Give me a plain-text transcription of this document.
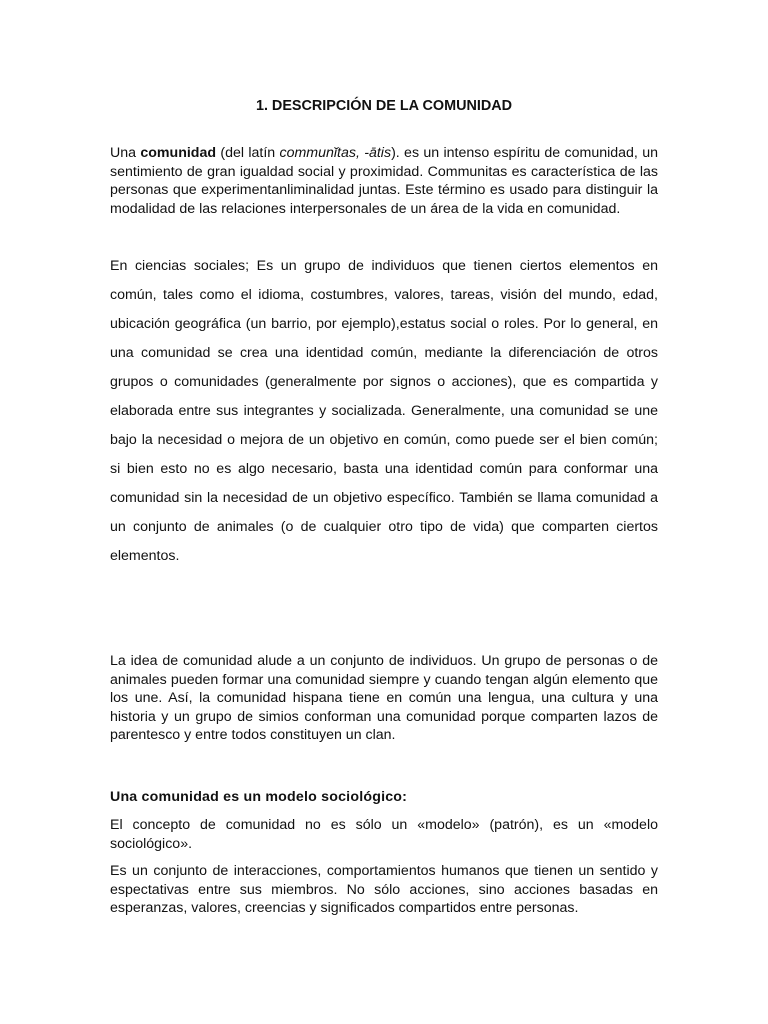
1. DESCRIPCIÓN DE LA COMUNIDAD

Una comunidad (del latín communĭtas, -ātis). es un intenso espíritu de comunidad, un sentimiento de gran igualdad social y proximidad. Communitas es característica de las personas que experimentanliminalidad juntas. Este término es usado para distinguir la modalidad de las relaciones interpersonales de un área de la vida en comunidad.

En ciencias sociales; Es un grupo de individuos que tienen ciertos elementos en común, tales como el idioma, costumbres, valores, tareas, visión del mundo, edad, ubicación geográfica (un barrio, por ejemplo),estatus social o roles. Por lo general, en una comunidad se crea una identidad común, mediante la diferenciación de otros grupos o comunidades (generalmente por signos o acciones), que es compartida y elaborada entre sus integrantes y socializada. Generalmente, una comunidad se une bajo la necesidad o mejora de un objetivo en común, como puede ser el bien común; si bien esto no es algo necesario, basta una identidad común para conformar una comunidad sin la necesidad de un objetivo específico. También se llama comunidad a un conjunto de animales (o de cualquier otro tipo de vida) que comparten ciertos elementos.

La idea de comunidad alude a un conjunto de individuos. Un grupo de personas o de animales pueden formar una comunidad siempre y cuando tengan algún elemento que los une. Así, la comunidad hispana tiene en común una lengua, una cultura y una historia y un grupo de simios conforman una comunidad porque comparten lazos de parentesco y entre todos constituyen un clan.

Una comunidad es un modelo sociológico:

El concepto de comunidad no es sólo un «modelo» (patrón), es un «modelo sociológico».

Es un conjunto de interacciones, comportamientos humanos que tienen un sentido y espectativas entre sus miembros. No sólo acciones, sino acciones basadas en esperanzas, valores, creencias y significados compartidos entre personas.
